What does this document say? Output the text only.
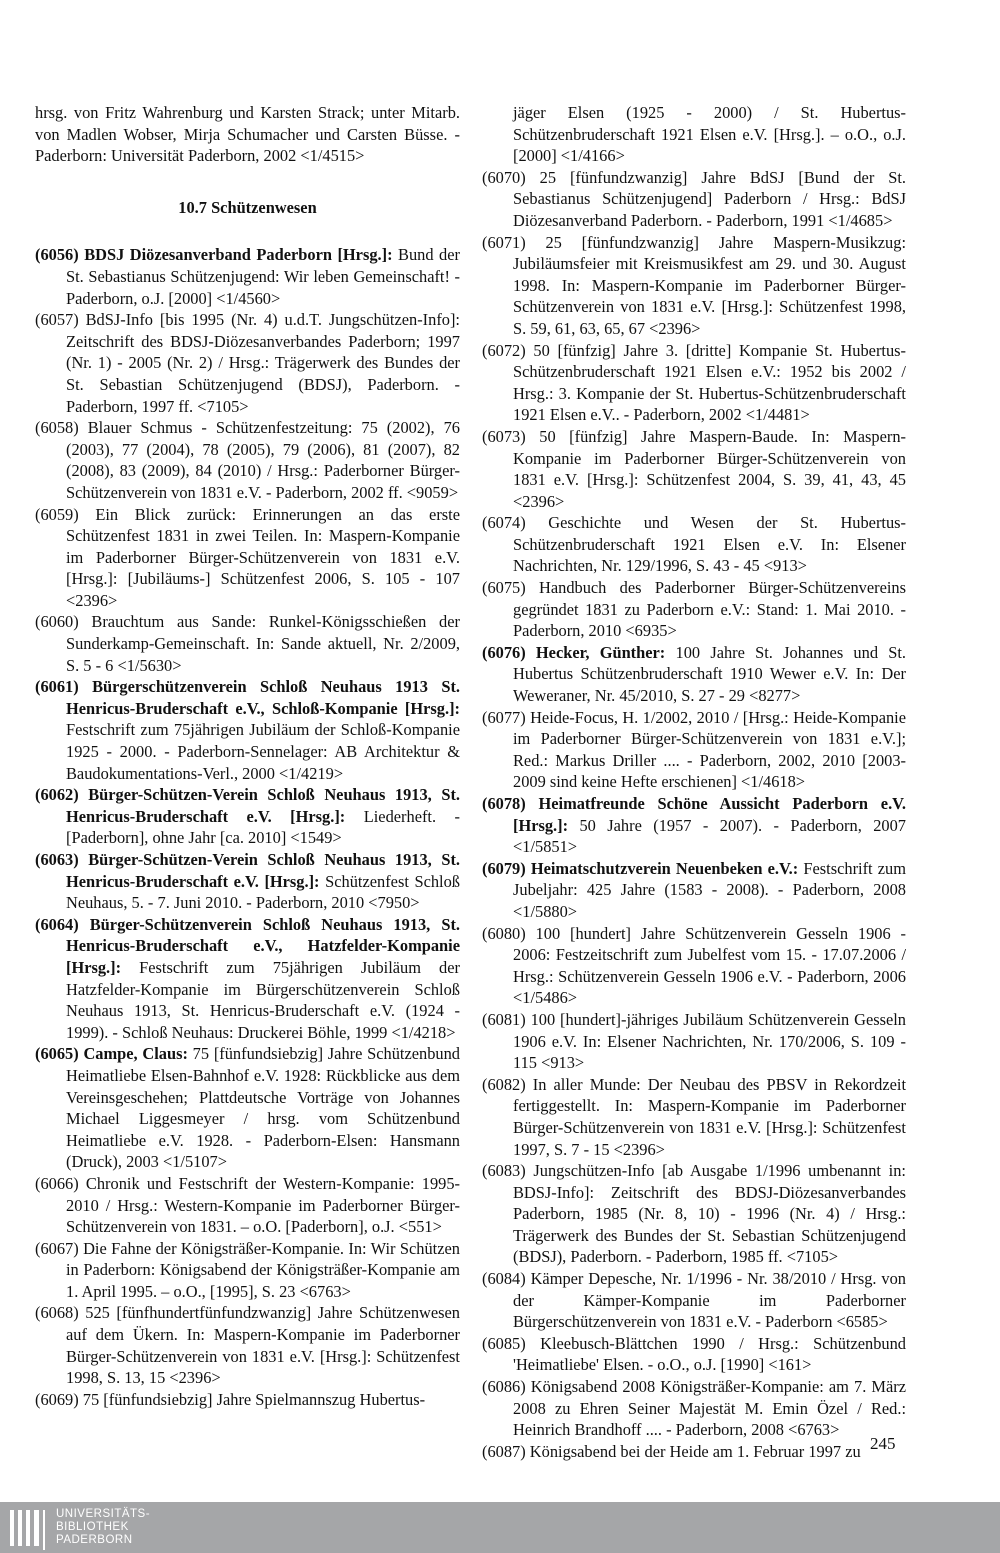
hrsg. von Fritz Wahrenburg und Karsten Strack; unter Mitarb. von Madlen Wobser, Mirja Schumacher und Carsten Büsse. - Paderborn: Universität Paderborn, 2002 <1/4515>

10.7 Schützenwesen

(6056) BDSJ Diözesanverband Paderborn [Hrsg.]: Bund der St. Sebastianus Schützenjugend: Wir leben Gemeinschaft! - Paderborn, o.J. [2000] <1/4560>

(6057) BdSJ-Info [bis 1995 (Nr. 4) u.d.T. Jungschützen-Info]: Zeitschrift des BDSJ-Diözesanverbandes Paderborn; 1997 (Nr. 1) - 2005 (Nr. 2) / Hrsg.: Trägerwerk des Bundes der St. Sebastian Schützenjugend (BDSJ), Paderborn. - Paderborn, 1997 ff. <7105>

(6058) Blauer Schmus - Schützenfestzeitung: 75 (2002), 76 (2003), 77 (2004), 78 (2005), 79 (2006), 81 (2007), 82 (2008), 83 (2009), 84 (2010) / Hrsg.: Paderborner Bürger-Schützenverein von 1831 e.V. - Paderborn, 2002 ff. <9059>

(6059) Ein Blick zurück: Erinnerungen an das erste Schützenfest 1831 in zwei Teilen. In: Maspern-Kompanie im Paderborner Bürger-Schützenverein von 1831 e.V. [Hrsg.]: [Jubiläums-] Schützenfest 2006, S. 105 - 107 <2396>

(6060) Brauchtum aus Sande: Runkel-Königsschießen der Sunderkamp-Gemeinschaft. In: Sande aktuell, Nr. 2/2009, S. 5 - 6 <1/5630>

(6061) Bürgerschützenverein Schloß Neuhaus 1913 St. Henricus-Bruderschaft e.V., Schloß-Kompanie [Hrsg.]: Festschrift zum 75jährigen Jubiläum der Schloß-Kompanie 1925 - 2000. - Paderborn-Sennelager: AB Architektur & Baudokumentations-Verl., 2000 <1/4219>

(6062) Bürger-Schützen-Verein Schloß Neuhaus 1913, St. Henricus-Bruderschaft e.V. [Hrsg.]: Liederheft. - [Paderborn], ohne Jahr [ca. 2010] <1549>

(6063) Bürger-Schützen-Verein Schloß Neuhaus 1913, St. Henricus-Bruderschaft e.V. [Hrsg.]: Schützenfest Schloß Neuhaus, 5. - 7. Juni 2010. - Paderborn, 2010 <7950>

(6064) Bürger-Schützenverein Schloß Neuhaus 1913, St. Henricus-Bruderschaft e.V., Hatzfelder-Kompanie [Hrsg.]: Festschrift zum 75jährigen Jubiläum der Hatzfelder-Kompanie im Bürgerschützenverein Schloß Neuhaus 1913, St. Henricus-Bruderschaft e.V. (1924 - 1999). - Schloß Neuhaus: Druckerei Böhle, 1999 <1/4218>

(6065) Campe, Claus: 75 [fünfundsiebzig] Jahre Schützenbund Heimatliebe Elsen-Bahnhof e.V. 1928: Rückblicke aus dem Vereinsgeschehen; Plattdeutsche Vorträge von Johannes Michael Liggesmeyer / hrsg. vom Schützenbund Heimatliebe e.V. 1928. - Paderborn-Elsen: Hansmann (Druck), 2003 <1/5107>

(6066) Chronik und Festschrift der Western-Kompanie: 1995-2010 / Hrsg.: Western-Kompanie im Paderborner Bürger-Schützenverein von 1831. – o.O. [Paderborn], o.J. <551>

(6067) Die Fahne der Königsträßer-Kompanie. In: Wir Schützen in Paderborn: Königsabend der Königsträßer-Kompanie am 1. April 1995. – o.O., [1995], S. 23 <6763>

(6068) 525 [fünfhundertfünfundzwanzig] Jahre Schützenwesen auf dem Ükern. In: Maspern-Kompanie im Paderborner Bürger-Schützenverein von 1831 e.V. [Hrsg.]: Schützenfest 1998, S. 13, 15 <2396>

(6069) 75 [fünfundsiebzig] Jahre Spielmannszug Hubertus-

jäger Elsen (1925 - 2000) / St. Hubertus-Schützenbruderschaft 1921 Elsen e.V. [Hrsg.]. – o.O., o.J. [2000] <1/4166>

(6070) 25 [fünfundzwanzig] Jahre BdSJ [Bund der St. Sebastianus Schützenjugend] Paderborn / Hrsg.: BdSJ Diözesanverband Paderborn. - Paderborn, 1991 <1/4685>

(6071) 25 [fünfundzwanzig] Jahre Maspern-Musikzug: Jubiläumsfeier mit Kreismusikfest am 29. und 30. August 1998. In: Maspern-Kompanie im Paderborner Bürger-Schützenverein von 1831 e.V. [Hrsg.]: Schützenfest 1998, S. 59, 61, 63, 65, 67 <2396>

(6072) 50 [fünfzig] Jahre 3. [dritte] Kompanie St. Hubertus-Schützenbruderschaft 1921 Elsen e.V.: 1952 bis 2002 / Hrsg.: 3. Kompanie der St. Hubertus-Schützenbruderschaft 1921 Elsen e.V.. - Paderborn, 2002 <1/4481>

(6073) 50 [fünfzig] Jahre Maspern-Baude. In: Maspern-Kompanie im Paderborner Bürger-Schützenverein von 1831 e.V. [Hrsg.]: Schützenfest 2004, S. 39, 41, 43, 45 <2396>

(6074) Geschichte und Wesen der St. Hubertus-Schützenbruderschaft 1921 Elsen e.V. In: Elsener Nachrichten, Nr. 129/1996, S. 43 - 45 <913>

(6075) Handbuch des Paderborner Bürger-Schützenvereins gegründet 1831 zu Paderborn e.V.: Stand: 1. Mai 2010. - Paderborn, 2010 <6935>

(6076) Hecker, Günther: 100 Jahre St. Johannes und St. Hubertus Schützenbruderschaft 1910 Wewer e.V. In: Der Weweraner, Nr. 45/2010, S. 27 - 29 <8277>

(6077) Heide-Focus, H. 1/2002, 2010 / [Hrsg.: Heide-Kompanie im Paderborner Bürger-Schützenverein von 1831 e.V.]; Red.: Markus Driller .... - Paderborn, 2002, 2010 [2003-2009 sind keine Hefte erschienen] <1/4618>

(6078) Heimatfreunde Schöne Aussicht Paderborn e.V. [Hrsg.]: 50 Jahre (1957 - 2007). - Paderborn, 2007 <1/5851>

(6079) Heimatschutzverein Neuenbeken e.V.: Festschrift zum Jubeljahr: 425 Jahre (1583 - 2008). - Paderborn, 2008 <1/5880>

(6080) 100 [hundert] Jahre Schützenverein Gesseln 1906 - 2006: Festzeitschrift zum Jubelfest vom 15. - 17.07.2006 / Hrsg.: Schützenverein Gesseln 1906 e.V. - Paderborn, 2006 <1/5486>

(6081) 100 [hundert]-jähriges Jubiläum Schützenverein Gesseln 1906 e.V. In: Elsener Nachrichten, Nr. 170/2006, S. 109 - 115 <913>

(6082) In aller Munde: Der Neubau des PBSV in Rekordzeit fertiggestellt. In: Maspern-Kompanie im Paderborner Bürger-Schützenverein von 1831 e.V. [Hrsg.]: Schützenfest 1997, S. 7 - 15 <2396>

(6083) Jungschützen-Info [ab Ausgabe 1/1996 umbenannt in: BDSJ-Info]: Zeitschrift des BDSJ-Diözesanverbandes Paderborn, 1985 (Nr. 8, 10) - 1996 (Nr. 4) / Hrsg.: Trägerwerk des Bundes der St. Sebastian Schützenjugend (BDSJ), Paderborn. - Paderborn, 1985 ff. <7105>

(6084) Kämper Depesche, Nr. 1/1996 - Nr. 38/2010 / Hrsg. von der Kämper-Kompanie im Paderborner Bürgerschützenverein von 1831 e.V. - Paderborn <6585>

(6085) Kleebusch-Blättchen 1990 / Hrsg.: Schützenbund 'Heimatliebe' Elsen. - o.O., o.J. [1990] <161>

(6086) Königsabend 2008 Königsträßer-Kompanie: am 7. März 2008 zu Ehren Seiner Majestät M. Emin Özel / Red.: Heinrich Brandhoff .... - Paderborn, 2008 <6763>

(6087) Königsabend bei der Heide am 1. Februar 1997 zu 245
UNIVERSITÄTS-
BIBLIOTHEK
PADERBORN
